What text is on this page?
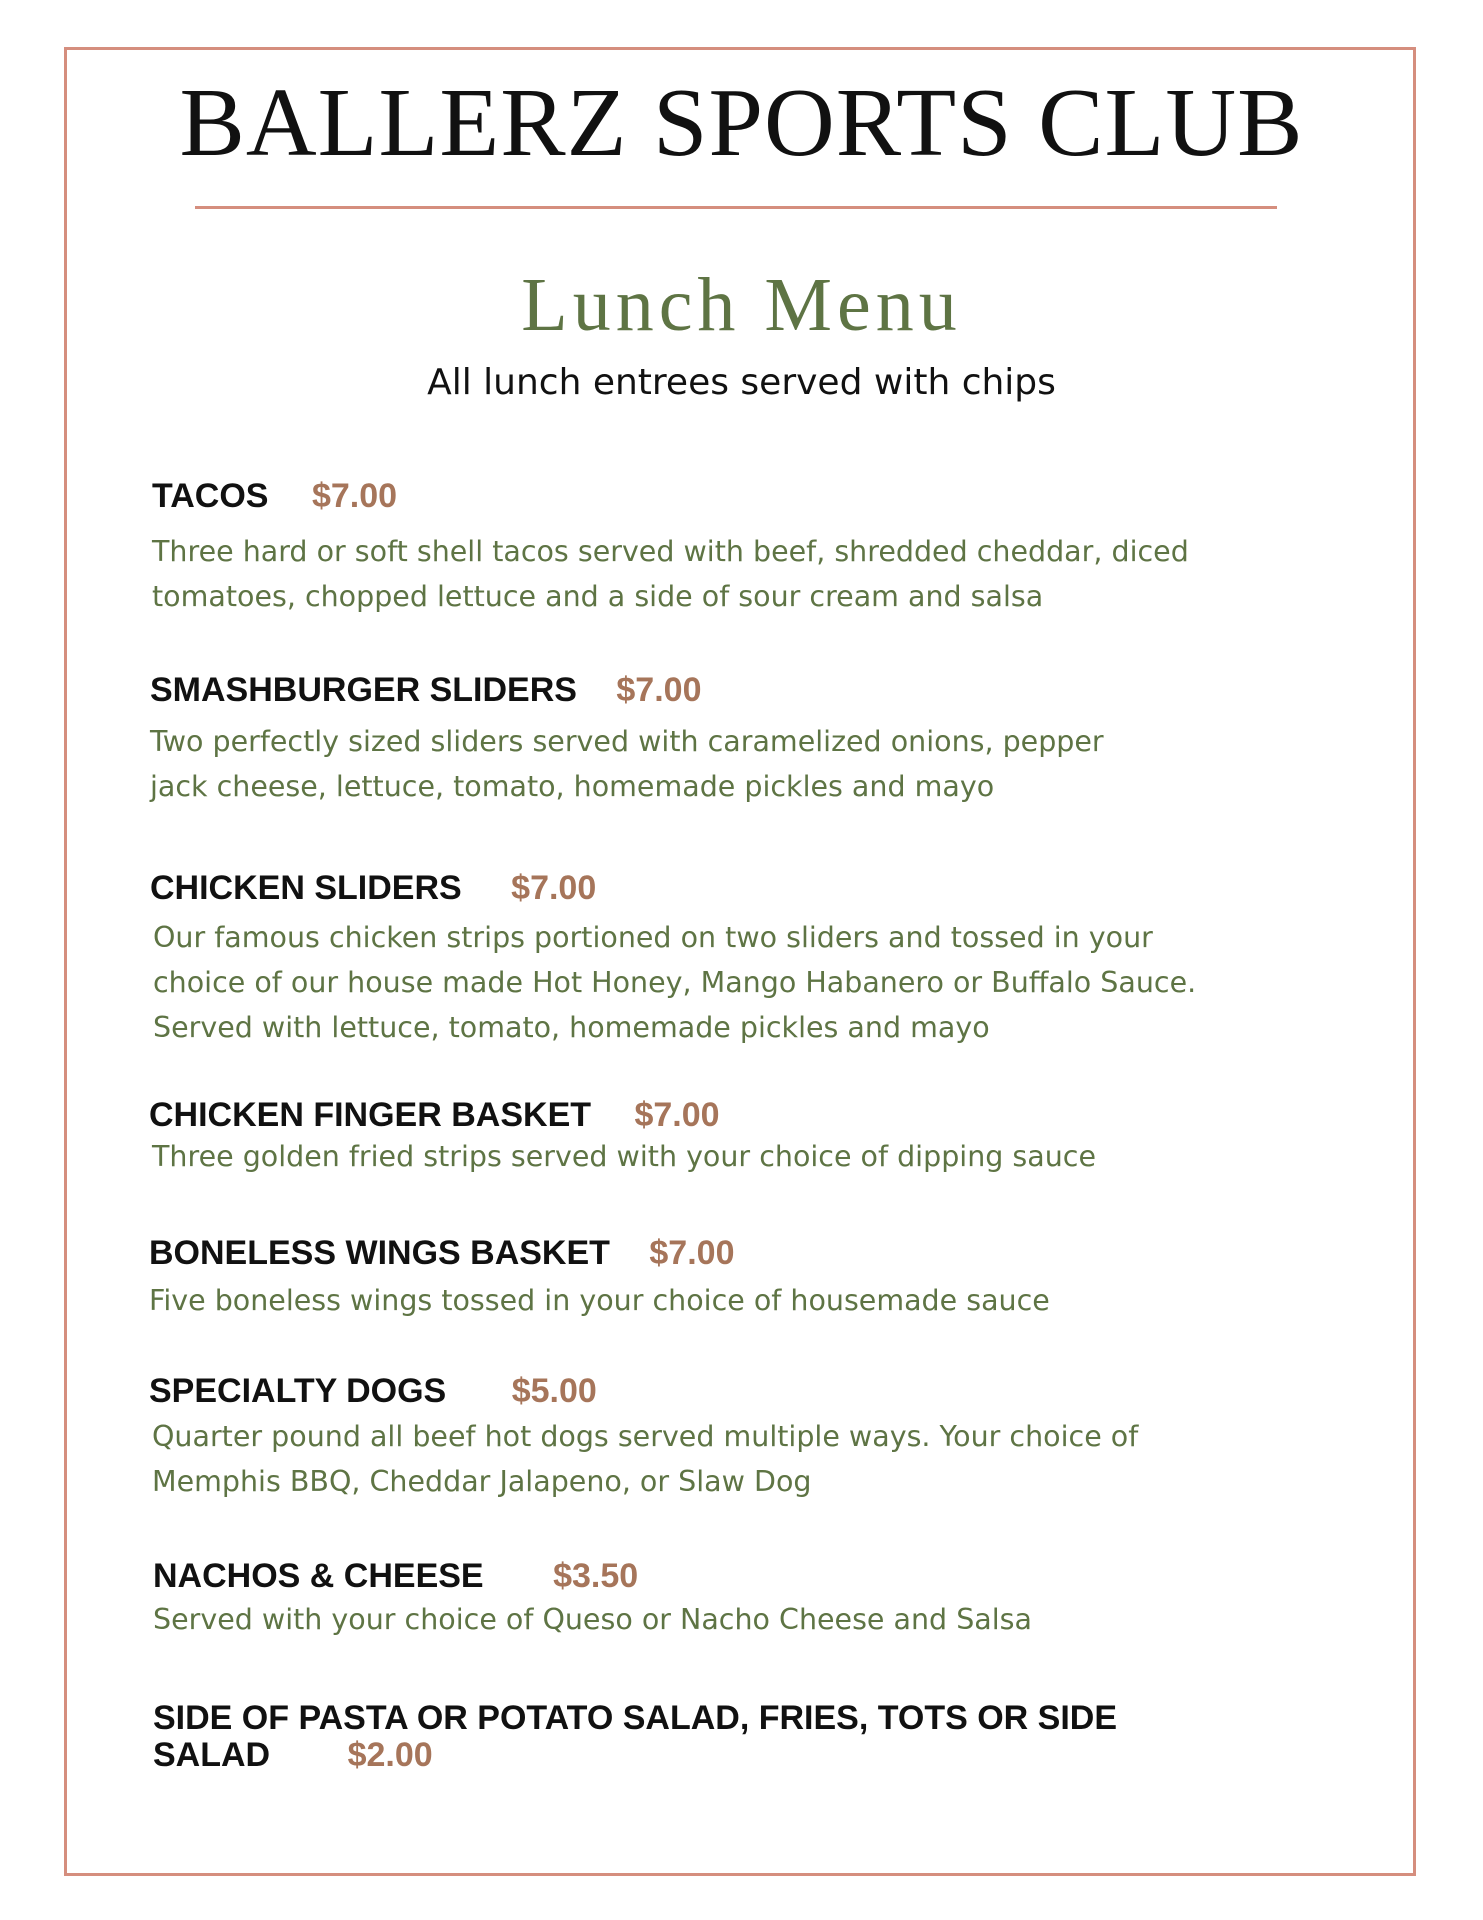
BALLERZ SPORTS CLUB
Lunch Menu
All lunch entrees served with chips
TACOS $7.00
Three hard or soft shell tacos served with beef, shredded cheddar, diced tomatoes, chopped lettuce and a side of sour cream and salsa
SMASHBURGER SLIDERS $7.00
Two perfectly sized sliders served with caramelized onions, pepper jack cheese, lettuce, tomato, homemade pickles and mayo
CHICKEN SLIDERS $7.00
Our famous chicken strips portioned on two sliders and tossed in your choice of our house made Hot Honey, Mango Habanero or Buffalo Sauce. Served with lettuce, tomato, homemade pickles and mayo
CHICKEN FINGER BASKET $7.00
Three golden fried strips served with your choice of dipping sauce
BONELESS WINGS BASKET $7.00
Five boneless wings tossed in your choice of housemade sauce
SPECIALTY DOGS $5.00
Quarter pound all beef hot dogs served multiple ways. Your choice of Memphis BBQ, Cheddar Jalapeno, or Slaw Dog
NACHOS & CHEESE $3.50
Served with your choice of Queso or Nacho Cheese and Salsa
SIDE OF PASTA OR POTATO SALAD, FRIES, TOTS OR SIDE SALAD $2.00
